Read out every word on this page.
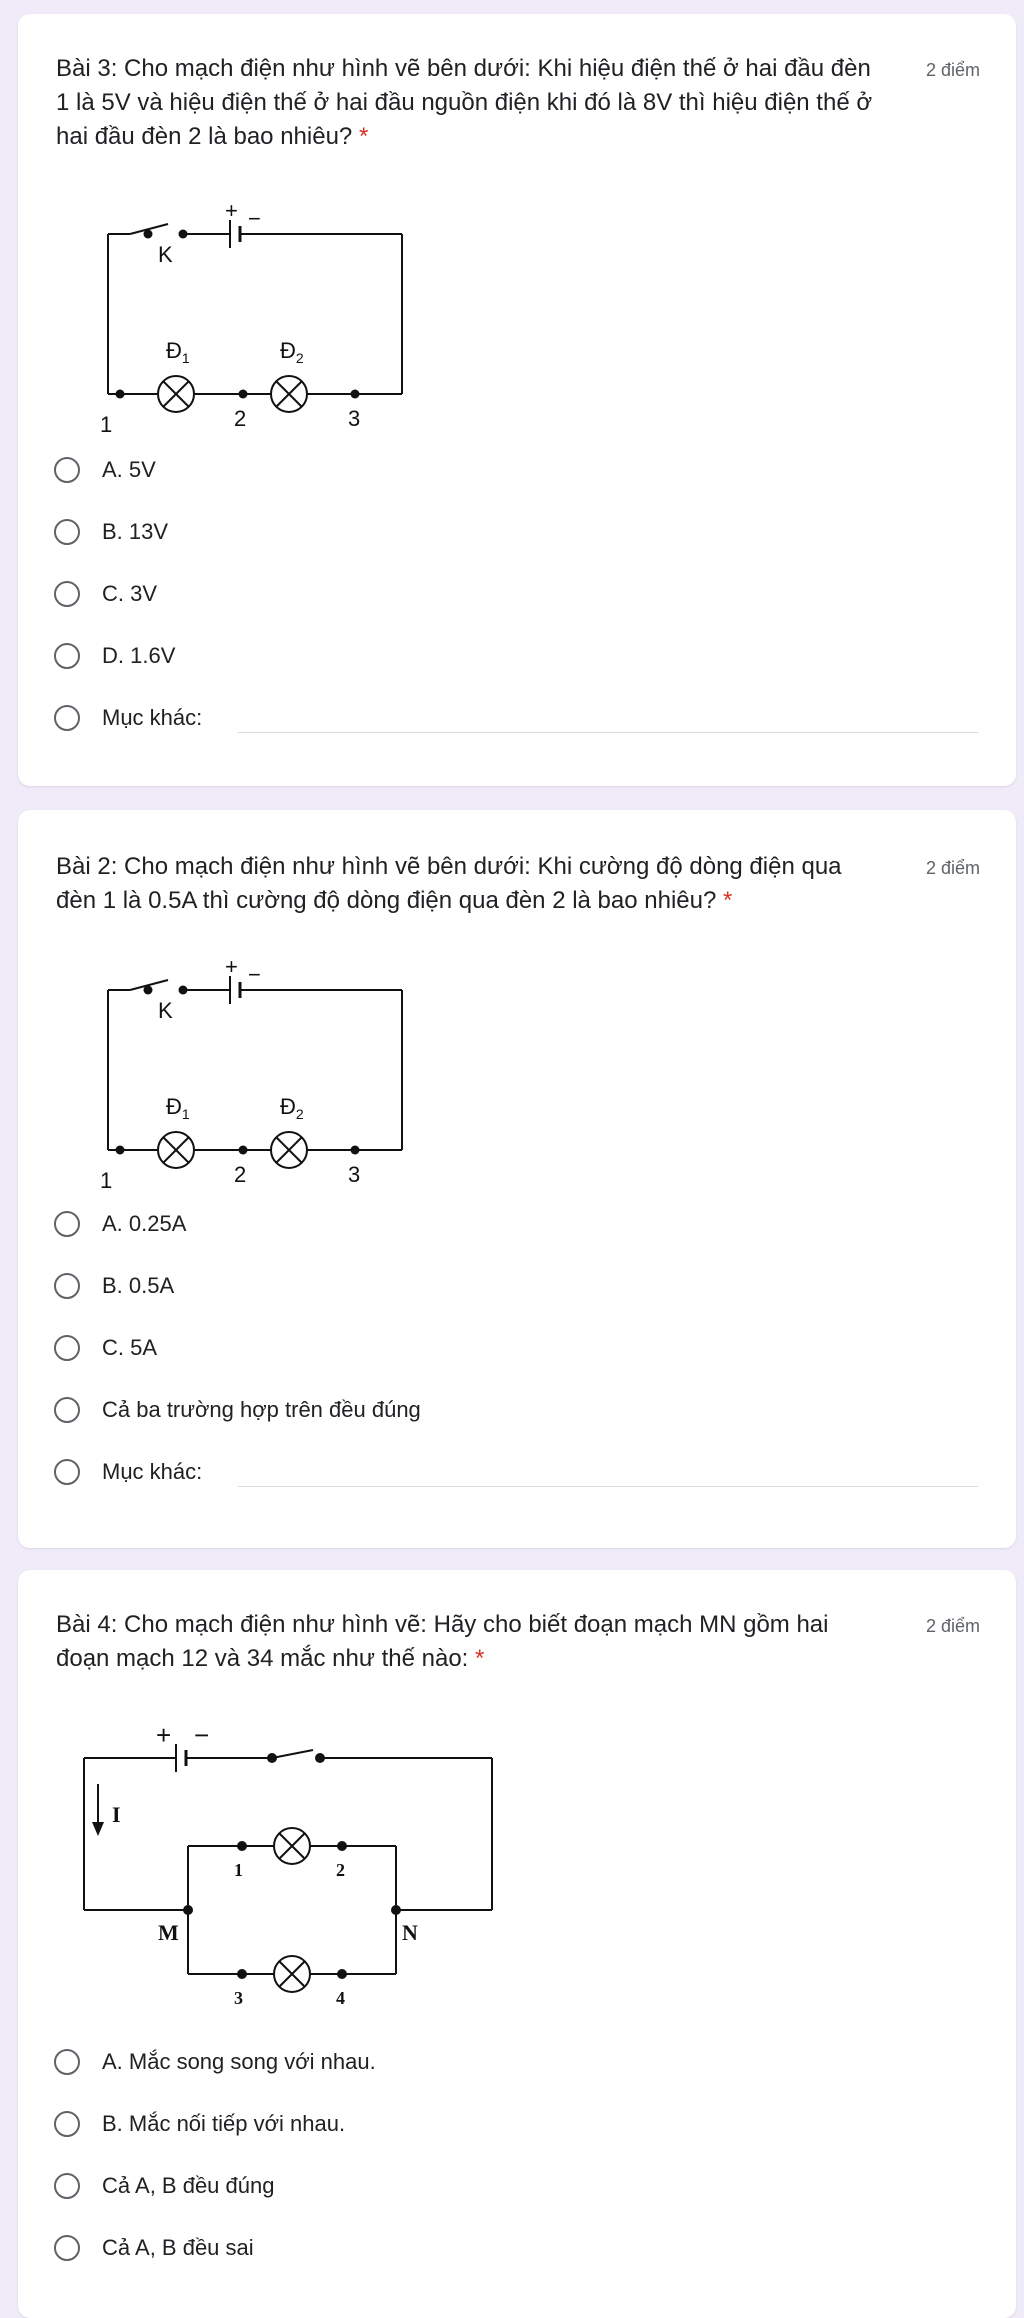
Bài 3: Cho mạch điện như hình vẽ bên dưới: Khi hiệu điện thế ở hai đầu đèn 1 là 5V và hiệu điện thế ở hai đầu nguồn điện khi đó là 8V thì hiệu điện thế ở hai đầu đèn 2 là bao nhiêu? *
2 điểm
+ −
K
$Đ_1$	$Đ_2$
1	2	3
A. 5V
B. 13V
C. 3V
D. 1.6V
Mục khác:
Bài 2: Cho mạch điện như hình vẽ bên dưới: Khi cường độ dòng điện qua đèn 1 là 0.5A thì cường độ dòng điện qua đèn 2 là bao nhiêu? *
2 điểm
+ −
K
$Đ_1$	$Đ_2$
1	2	3
A. 0.25A
B. 0.5A
C. 5A
Cả ba trường hợp trên đều đúng
Mục khác:
Bài 4: Cho mạch điện như hình vẽ: Hãy cho biết đoạn mạch MN gồm hai đoạn mạch 12 và 34 mắc như thế nào: *
2 điểm
+ −
I
M	N
1	2
3	4
A. Mắc song song với nhau.
B. Mắc nối tiếp với nhau.
Cả A, B đều đúng
Cả A, B đều sai
